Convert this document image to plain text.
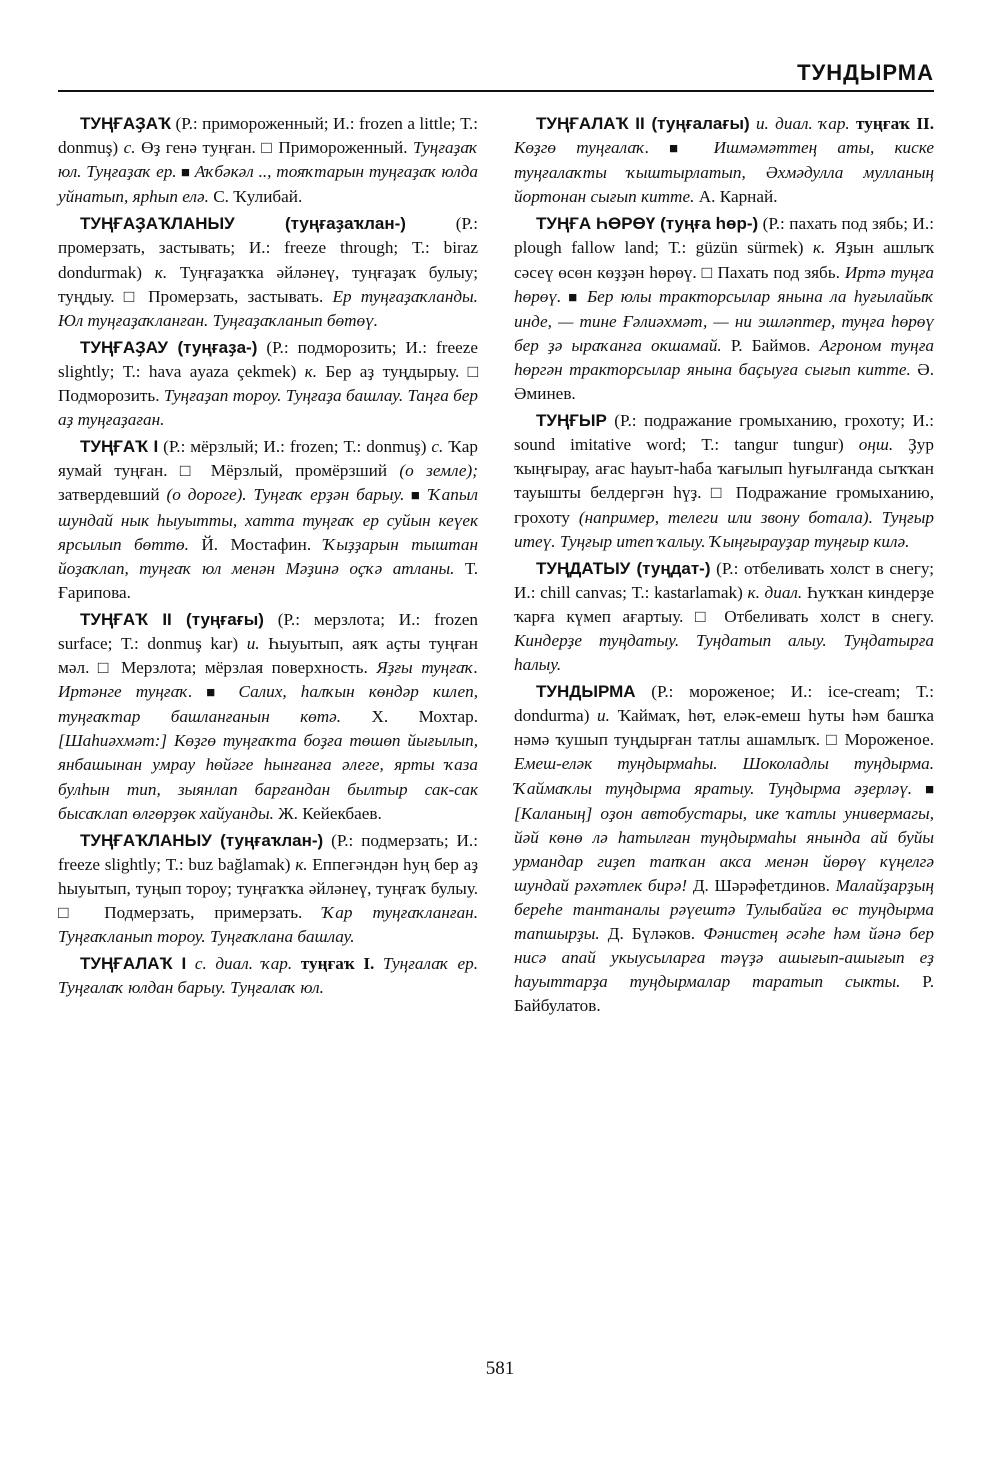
ТУНДЫРМА

ТУҢҒАҘАҠ (Р.: примороженный; И.: frozen a little; Т.: donmuş) с. Өҙ генә туңған. □ Примороженный. Туңғаҙаҡ юл. Туңғаҙаҡ ер. ■ Аҡбәкәл .., тояҡтарын туңғаҙаҡ юлда уйнатып, ярһып елә. С. Ҡулибай.

ТУҢҒАҘАҠЛАНЫУ (туңғаҙаҡлан-) (Р.: промерзать, застывать; И.: freeze through; Т.: biraz dondurmak) к. Туңғаҙаҡҡа әйләнеү, туңғаҙаҡ булыу; туңдыу. □ Промерзать, застывать. Ер туңғаҙаҡланды. Юл туңғаҙаҡланған. Туңғаҙаҡланып бөтөү.

ТУҢҒАҘАУ (туңғаҙа-) (Р.: подморозить; И.: freeze slightly; Т.: hava ayaza çekmek) к. Бер аҙ туңдырыу. □ Подморозить. Туңғаҙап тороу. Туңғаҙа башлау. Таңға бер аҙ туңғаҙаған.

ТУҢҒАҠ I (Р.: мёрзлый; И.: frozen; Т.: donmuş) с. Ҡар яумай туңған. □ Мёрзлый, промёрзший (о земле); затвердевший (о дороге). Туңғаҡ ерҙән барыу. ■ Ҡапыл шундай нык һыуытты, хатта туңғаҡ ер суйын кеүек ярсылып бөттө. Й. Мостафин. Ҡыҙҙарын тыштан йоҙаҡлап, туңғаҡ юл менән Мәҙинә оҫҡә атланы. Т. Ғарипова.

ТУҢҒАҠ II (туңғағы) (Р.: мерзлота; И.: frozen surface; Т.: donmuş kar) и. Һыуытып, аяҡ аҫты туңған мәл. □ Мерзлота; мёрзлая поверхность. Яҙғы туңғаҡ. Иртәнге туңғаҡ. ■ Салих, һалҡын көндәр килеп, туңғаҡтар башланғанын көтә. Х. Мохтар. [Шаһиәхмәт:] Көҙгө туңғаҡта боҙға төшөп йығылып, янбашынан умрау һөйәге һынғанға әлеге, ярты ҡаза булһын тип, зыянлап барғандан былтыр сак-сак бысаҡлап өлгөрҙөк хайуанды. Ж. Кейекбаев.

ТУҢҒАҠЛАНЫУ (туңғаҡлан-) (Р.: подмерзать; И.: freeze slightly; Т.: buz bağlamak) к. Еппегәндән һуң бер аҙ һыуытып, туңып тороу; туңғаҡҡа әйләнеү, туңғаҡ булыу. □ Подмерзать, примерзать. Ҡар туңғаҡланған. Туңғаҡланып тороу. Туңғаҡлана башлау.

ТУҢҒАЛАҠ I с. диал. ҡар. туңғаҡ I. Туңғалаҡ ер. Туңғалаҡ юлдан барыу. Туңғалаҡ юл.

ТУҢҒАЛАҠ II (туңғалағы) и. диал. ҡар. туңғаҡ II. Көҙгө туңғалаҡ. ■ Ишмәмәттең аты, киске туңғалаҡты ҡыштырлатып, Әхмәдулла мулланың йортонан сығып китте. А. Карнай.

ТУҢҒА ҺӨРӨҮ (туңға һөр-) (Р.: пахать под зябь; И.: plough fallow land; Т.: güzün sürmek) к. Яҙын ашлыҡ сәсеү өсөн көҙҙән һөрөү. □ Пахать под зябь. Иртә туңға һөрөү. ■ Бер юлы тракторсылар янына ла һуғылайыҡ инде, — тине Ғәлиәхмәт, — ни эшләптер, туңға һөрөү бер ҙә ыраҡанға окшамай. Р. Баймов. Агроном туңға һөргән тракторсылар янына баҫыуға сығып китте. Ә. Әминев.

ТУҢҒЫР (Р.: подражание громыханию, грохоту; И.: sound imitative word; Т.: tangur tungur) оңш. Ҙур ҡыңғырау, ағас һауыт-һаба ҡағылып һуғылғанда сыҡҡан тауышты белдергән һүҙ. □ Подражание громыханию, грохоту (например, телеги или звону ботала). Туңғыр итеү. Туңғыр итеп ҡалыу. Ҡыңғырауҙар туңғыр килә.

ТУҢДАТЫУ (туңдат-) (Р.: отбеливать холст в снегу; И.: chill canvas; Т.: kastarlamak) к. диал. Һуҡҡан киндерҙе ҡарға күмеп ағартыу. □ Отбеливать холст в снегу. Киндерҙе туңдатыу. Туңдатып алыу. Туңдатырға һалыу.

ТУНДЫРМА (Р.: мороженое; И.: ice-cream; Т.: dondurma) и. Ҡаймаҡ, һөт, еләк-емеш һуты һәм башҡа нәмә ҡушып туңдырған татлы ашамлыҡ. □ Мороженое. Емеш-еләк туңдырмаһы. Шоколадлы туңдырма. Ҡаймаҡлы туңдырма яратыу. Туңдырма әҙерләү. ■ [Каланың] оҙон автобустары, ике ҡатлы универмагы, йәй көнө лә һатылған туңдырмаһы янында ай буйы урмандар гиҙеп тапҡан акса менән йөрөү күңелгә шундай рәхәтлек бирә! Д. Шәрәфетдинов. Малайҙарҙың береһе тантаналы рәүештә Тулыбайға өс туңдырма тапшырҙы. Д. Бүләков. Фәнистең әсәһе һәм йәнә бер нисә апай укыусыларға тәүҙә ашығып-ашығып еҙ һауыттарҙа туңдырмалар таратып сыкты. Р. Байбулатов.

581
